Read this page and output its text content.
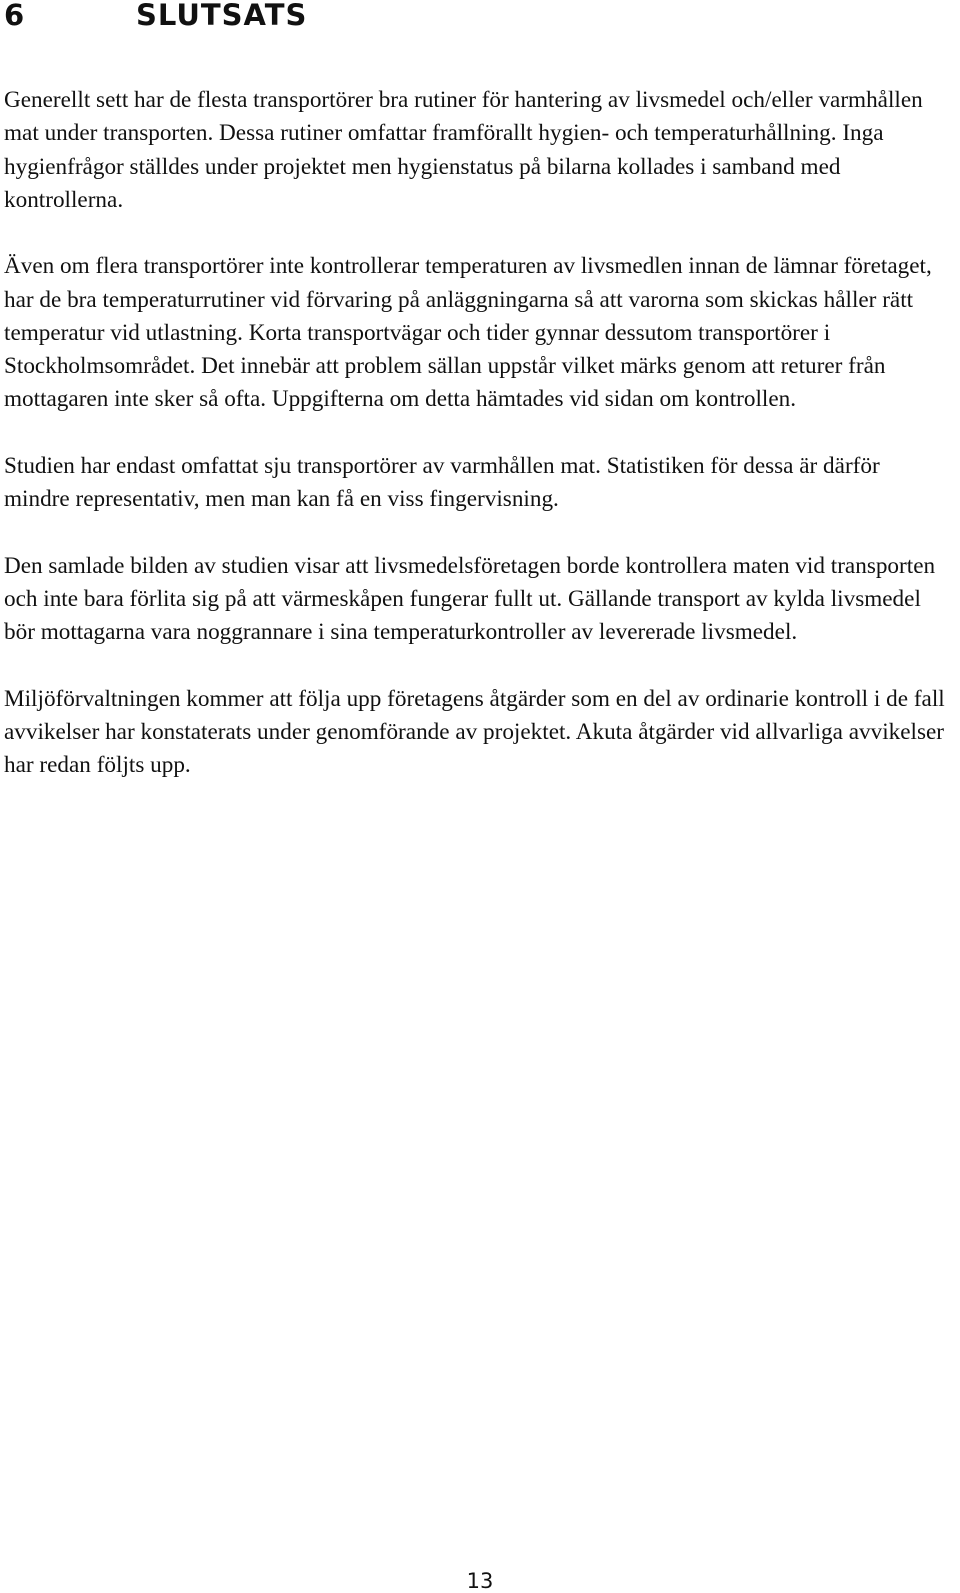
6	SLUTSATS

Generellt sett har de flesta transportörer bra rutiner för hantering av livsmedel och/eller varmhållen mat under transporten. Dessa rutiner omfattar framförallt hygien- och temperaturhållning. Inga hygienfrågor ställdes under projektet men hygienstatus på bilarna kollades i samband med kontrollerna.

Även om flera transportörer inte kontrollerar temperaturen av livsmedlen innan de lämnar företaget, har de bra temperaturrutiner vid förvaring på anläggningarna så att varorna som skickas håller rätt temperatur vid utlastning. Korta transportvägar och tider gynnar dessutom transportörer i Stockholmsområdet. Det innebär att problem sällan uppstår vilket märks genom att returer från mottagaren inte sker så ofta. Uppgifterna om detta hämtades vid sidan om kontrollen.

Studien har endast omfattat sju transportörer av varmhållen mat. Statistiken för dessa är därför mindre representativ, men man kan få en viss fingervisning.

Den samlade bilden av studien visar att livsmedelsföretagen borde kontrollera maten vid transporten och inte bara förlita sig på att värmeskåpen fungerar fullt ut. Gällande transport av kylda livsmedel bör mottagarna vara noggrannare i sina temperaturkontroller av levererade livsmedel.

Miljöförvaltningen kommer att följa upp företagens åtgärder som en del av ordinarie kontroll i de fall avvikelser har konstaterats under genomförande av projektet. Akuta åtgärder vid allvarliga avvikelser har redan följts upp.

13
